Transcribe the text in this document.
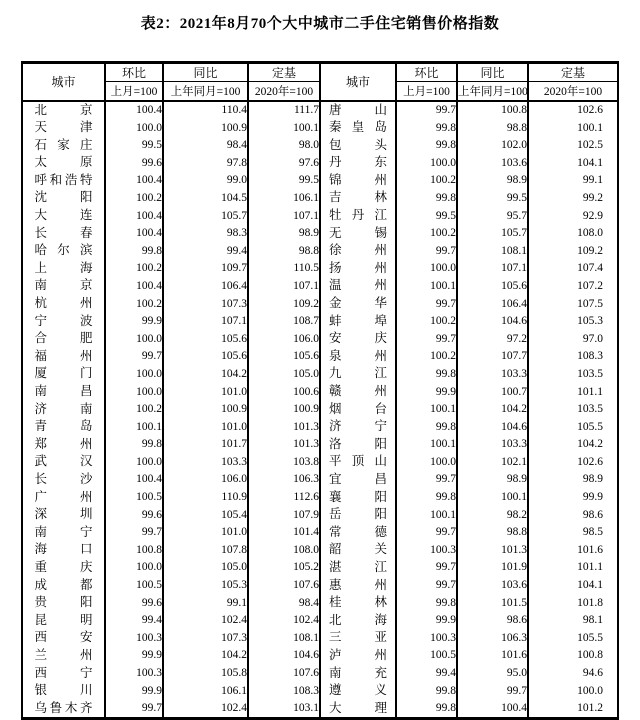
表2：2021年8月70个大中城市二手住宅销售价格指数
城市	环比	同比	定基	城市	环比	同比	定基
	上月=100	上年同月=100	2020年=100		上月=100	上年同月=100	2020年=100
北京	100.4	110.4	111.7	唐山	99.7	100.8	102.6
天津	100.0	100.9	100.1	秦皇岛	99.8	98.8	100.1
石家庄	99.5	98.4	98.0	包头	99.8	102.0	102.5
太原	99.6	97.8	97.6	丹东	100.0	103.6	104.1
呼和浩特	100.4	99.0	99.5	锦州	100.2	98.9	99.1
沈阳	100.2	104.5	106.1	吉林	99.8	99.5	99.2
大连	100.4	105.7	107.1	牡丹江	99.5	95.7	92.9
长春	100.4	98.3	98.9	无锡	100.2	105.7	108.0
哈尔滨	99.8	99.4	98.8	徐州	99.7	108.1	109.2
上海	100.2	109.7	110.5	扬州	100.0	107.1	107.4
南京	100.4	106.4	107.1	温州	100.1	105.6	107.2
杭州	100.2	107.3	109.2	金华	99.7	106.4	107.5
宁波	99.9	107.1	108.7	蚌埠	100.2	104.6	105.3
合肥	100.0	105.6	106.0	安庆	99.7	97.2	97.0
福州	99.7	105.6	105.6	泉州	100.2	107.7	108.3
厦门	100.0	104.2	105.0	九江	99.8	103.3	103.5
南昌	100.0	101.0	100.6	赣州	99.9	100.7	101.1
济南	100.2	100.9	100.9	烟台	100.1	104.2	103.5
青岛	100.1	101.0	101.3	济宁	99.8	104.6	105.5
郑州	99.8	101.7	101.3	洛阳	100.1	103.3	104.2
武汉	100.0	103.3	103.8	平顶山	100.0	102.1	102.6
长沙	100.4	106.0	106.3	宜昌	99.7	98.9	98.9
广州	100.5	110.9	112.6	襄阳	99.8	100.1	99.9
深圳	99.6	105.4	107.9	岳阳	100.1	98.2	98.6
南宁	99.7	101.0	101.4	常德	99.7	98.8	98.5
海口	100.8	107.8	108.0	韶关	100.3	101.3	101.6
重庆	100.0	105.0	105.2	湛江	99.7	101.9	101.1
成都	100.5	105.3	107.6	惠州	99.7	103.6	104.1
贵阳	99.6	99.1	98.4	桂林	99.8	101.5	101.8
昆明	99.4	102.4	102.4	北海	99.9	98.6	98.1
西安	100.3	107.3	108.1	三亚	100.3	106.3	105.5
兰州	99.9	104.2	104.6	泸州	100.5	101.6	100.8
西宁	100.3	105.8	107.6	南充	99.4	95.0	94.6
银川	99.9	106.1	108.3	遵义	99.8	99.7	100.0
乌鲁木齐	99.7	102.4	103.1	大理	99.8	100.4	101.2
